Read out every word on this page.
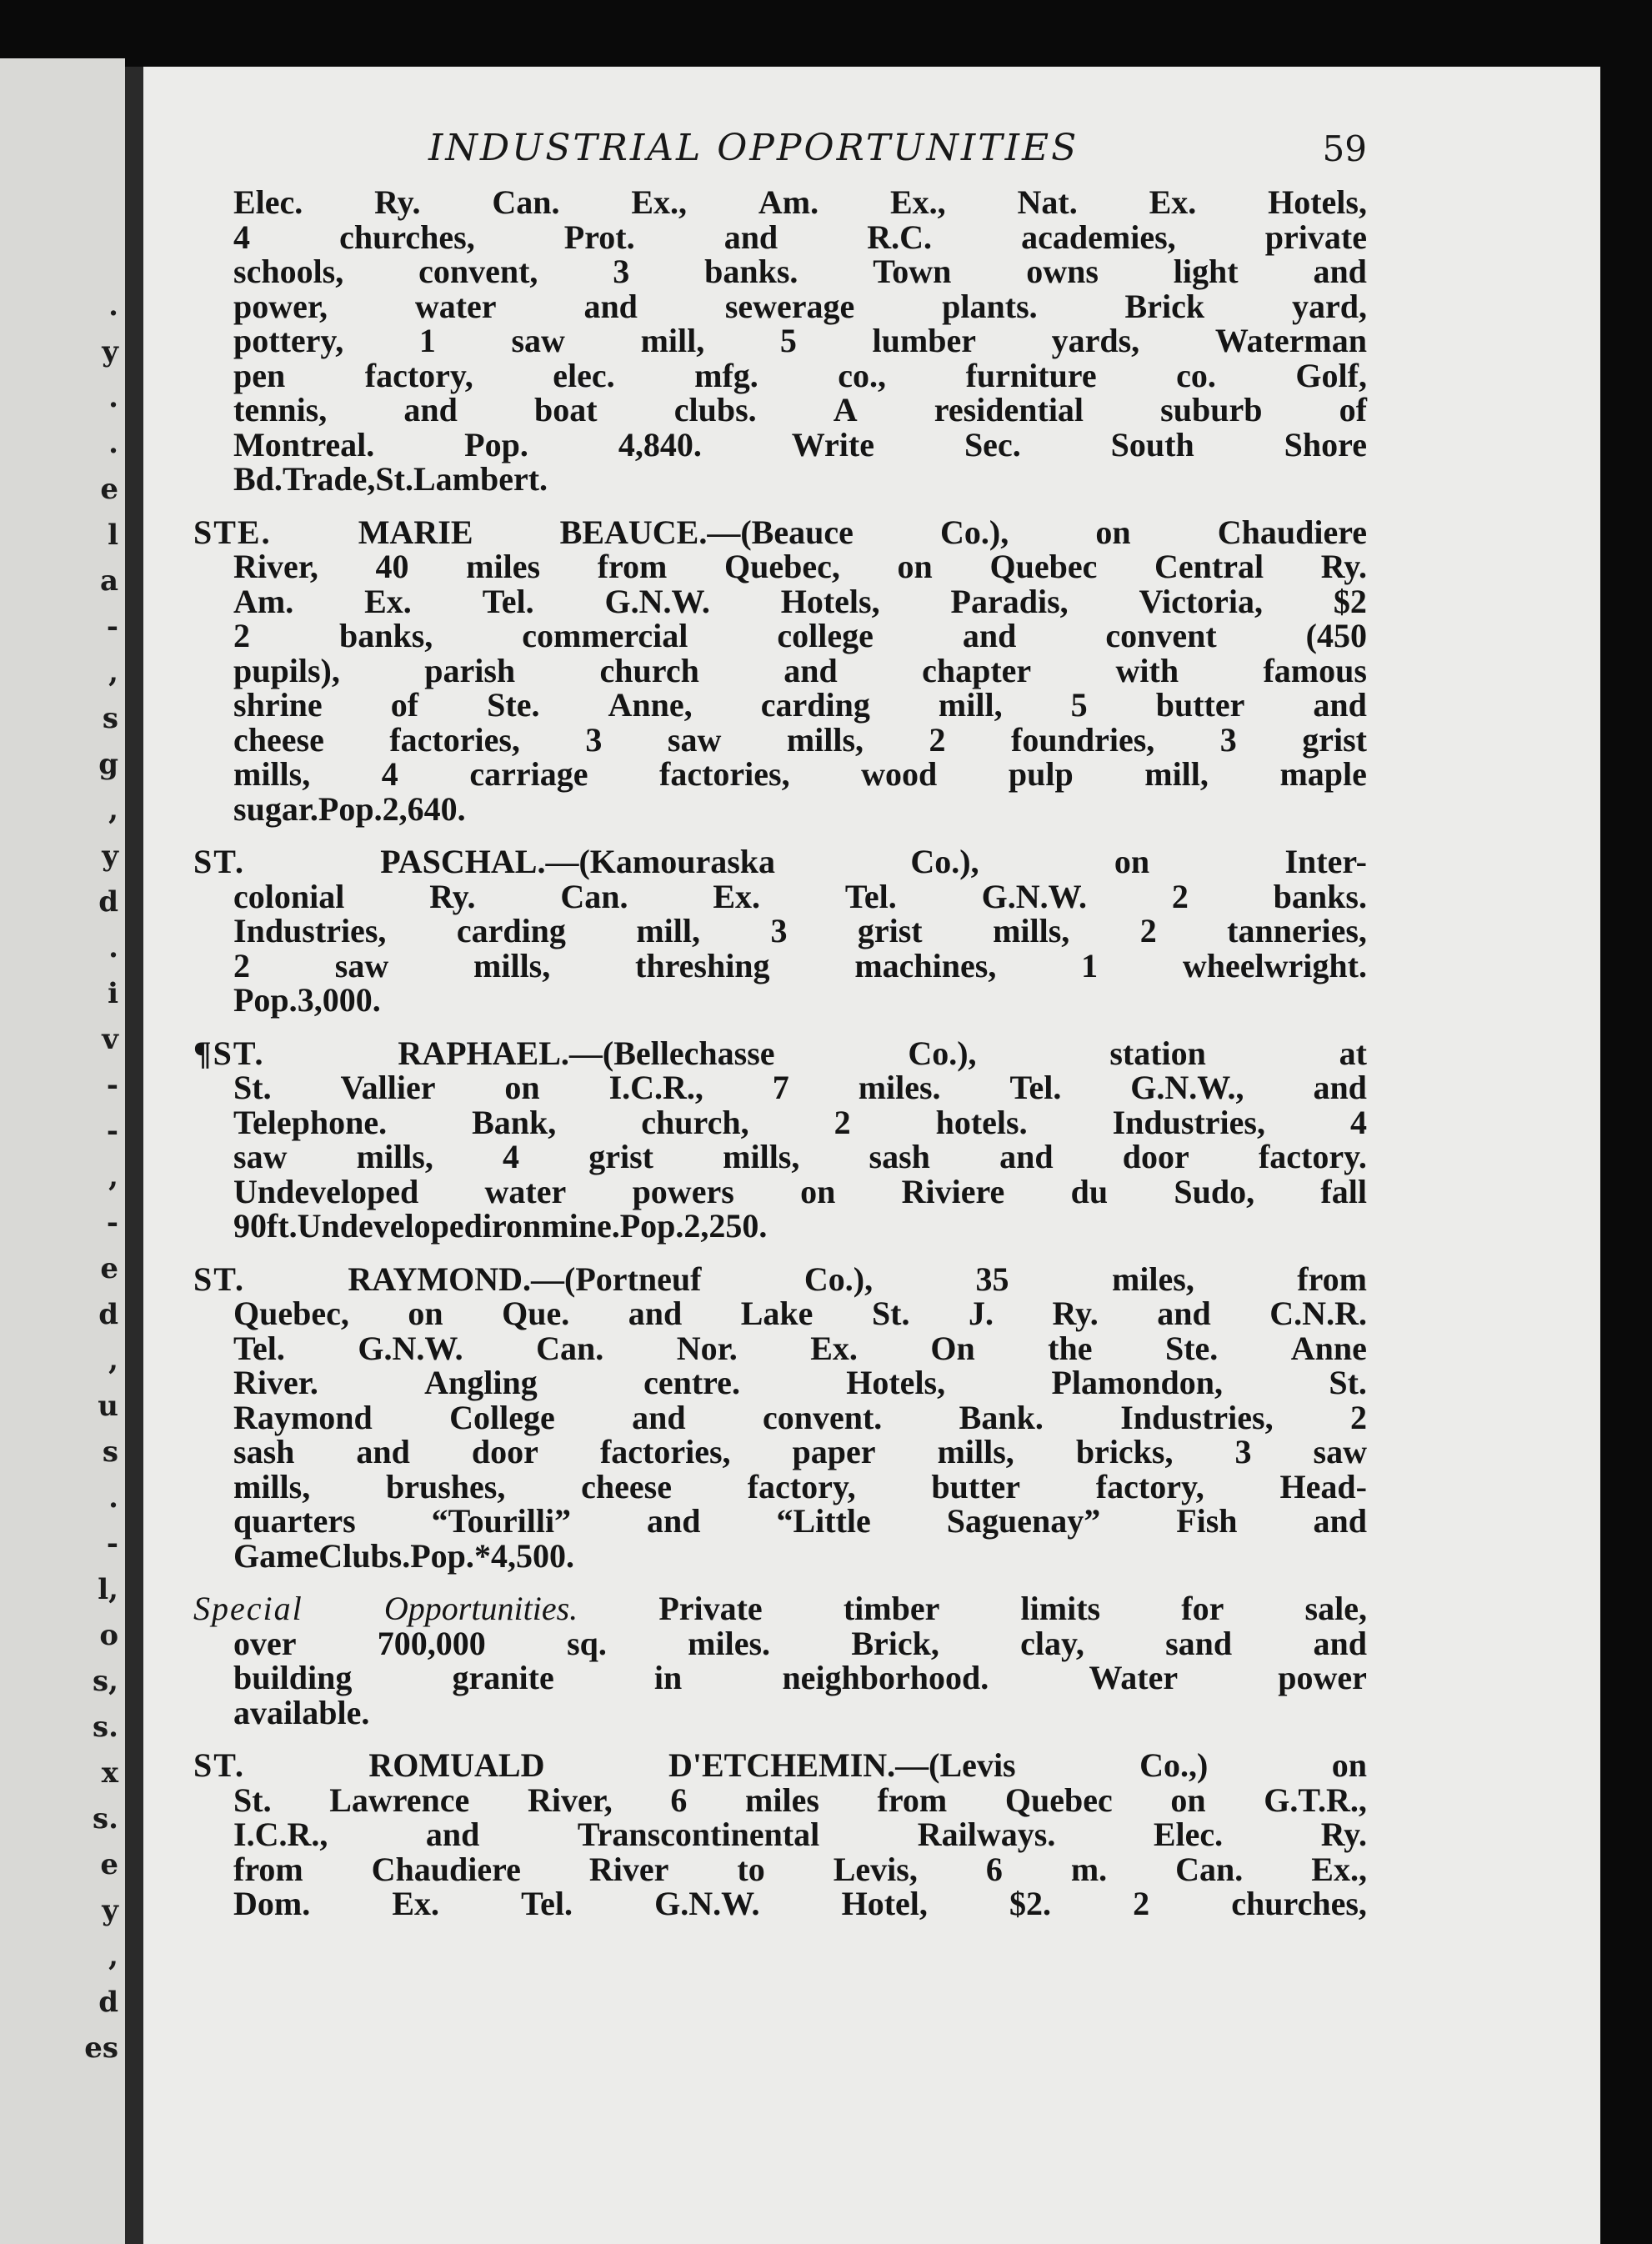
.
y
.
.
e
l
a
-
,
s
g
,
y
d
.
i
v
-
-
,
-
e
d
,
u
s
.
-
l,
o
s,
s.
x
s.
e
y
,
d
es
INDUSTRIAL OPPORTUNITIES	59
Elec. Ry. Can. Ex., Am. Ex., Nat. Ex. Hotels,
4	churches,	Prot.	and	R.C.	academies,	private
schools, convent, 3 banks. Town owns light and
power,	water	and	sewerage	plants.	Brick	yard,
pottery, 1 saw mill, 5 lumber yards, Waterman
pen factory, elec. mfg. co., furniture co. Golf,
tennis, and boat clubs. A residential suburb of
Montreal.	Pop.	4,840.	Write	Sec.	South	Shore
Bd. Trade, St. Lambert.
STE.	MARIE	BEAUCE.—(Beauce	Co.),	on	Chaudiere
River, 40 miles from Quebec, on Quebec Central Ry.
Am. Ex. Tel. G.N.W. Hotels, Paradis, Victoria, $2
2	banks,	commercial	college	and	convent	(450
pupils),	parish	church	and	chapter	with	famous
shrine of Ste. Anne, carding mill, 5 butter and
cheese factories, 3 saw mills, 2 foundries, 3 grist
mills, 4 carriage factories, wood pulp mill, maple
sugar. Pop. 2,640.
ST.	PASCHAL.—(Kamouraska	Co.),	on	Inter-
colonial	Ry.	Can.	Ex.	Tel.	G.N.W.	2	banks.
Industries, carding mill, 3 grist mills, 2 tanneries,
2	saw	mills,	threshing	machines,	1	wheelwright.
Pop. 3,000.
¶ST.	RAPHAEL.—(Bellechasse	Co.),	station	at
St. Vallier on I.C.R., 7 miles. Tel. G.N.W., and
Telephone.	Bank,	church,	2	hotels.	Industries,	4
saw mills, 4 grist mills, sash and door factory.
Undeveloped water powers on Riviere du Sudo, fall
90 ft. Undeveloped iron mine. Pop. 2,250.
ST.	RAYMOND.—(Portneuf	Co.),	35	miles,	from
Quebec, on Que. and Lake St. J. Ry. and C.N.R.
Tel. G.N.W. Can. Nor. Ex. On the Ste. Anne
River.	Angling	centre.	Hotels,	Plamondon,	St.
Raymond College and convent. Bank. Industries, 2
sash and door factories, paper mills, bricks, 3 saw
mills, brushes, cheese factory, butter factory, Head-
quarters “Tourilli” and “Little Saguenay” Fish and
Game Clubs. Pop. *4,500.
Special Opportunities. Private timber limits for sale,
over 700,000 sq. miles. Brick, clay, sand and
building	granite	in	neighborhood.	Water	power
available.
ST.	ROMUALD	D'ETCHEMIN.—(Levis	Co.,)	on
St. Lawrence River, 6 miles from Quebec on G.T.R.,
I.C.R.,	and	Transcontinental	Railways.	Elec.	Ry.
from Chaudiere River to Levis, 6 m. Can. Ex.,
Dom. Ex. Tel. G.N.W. Hotel, $2. 2 churches,
